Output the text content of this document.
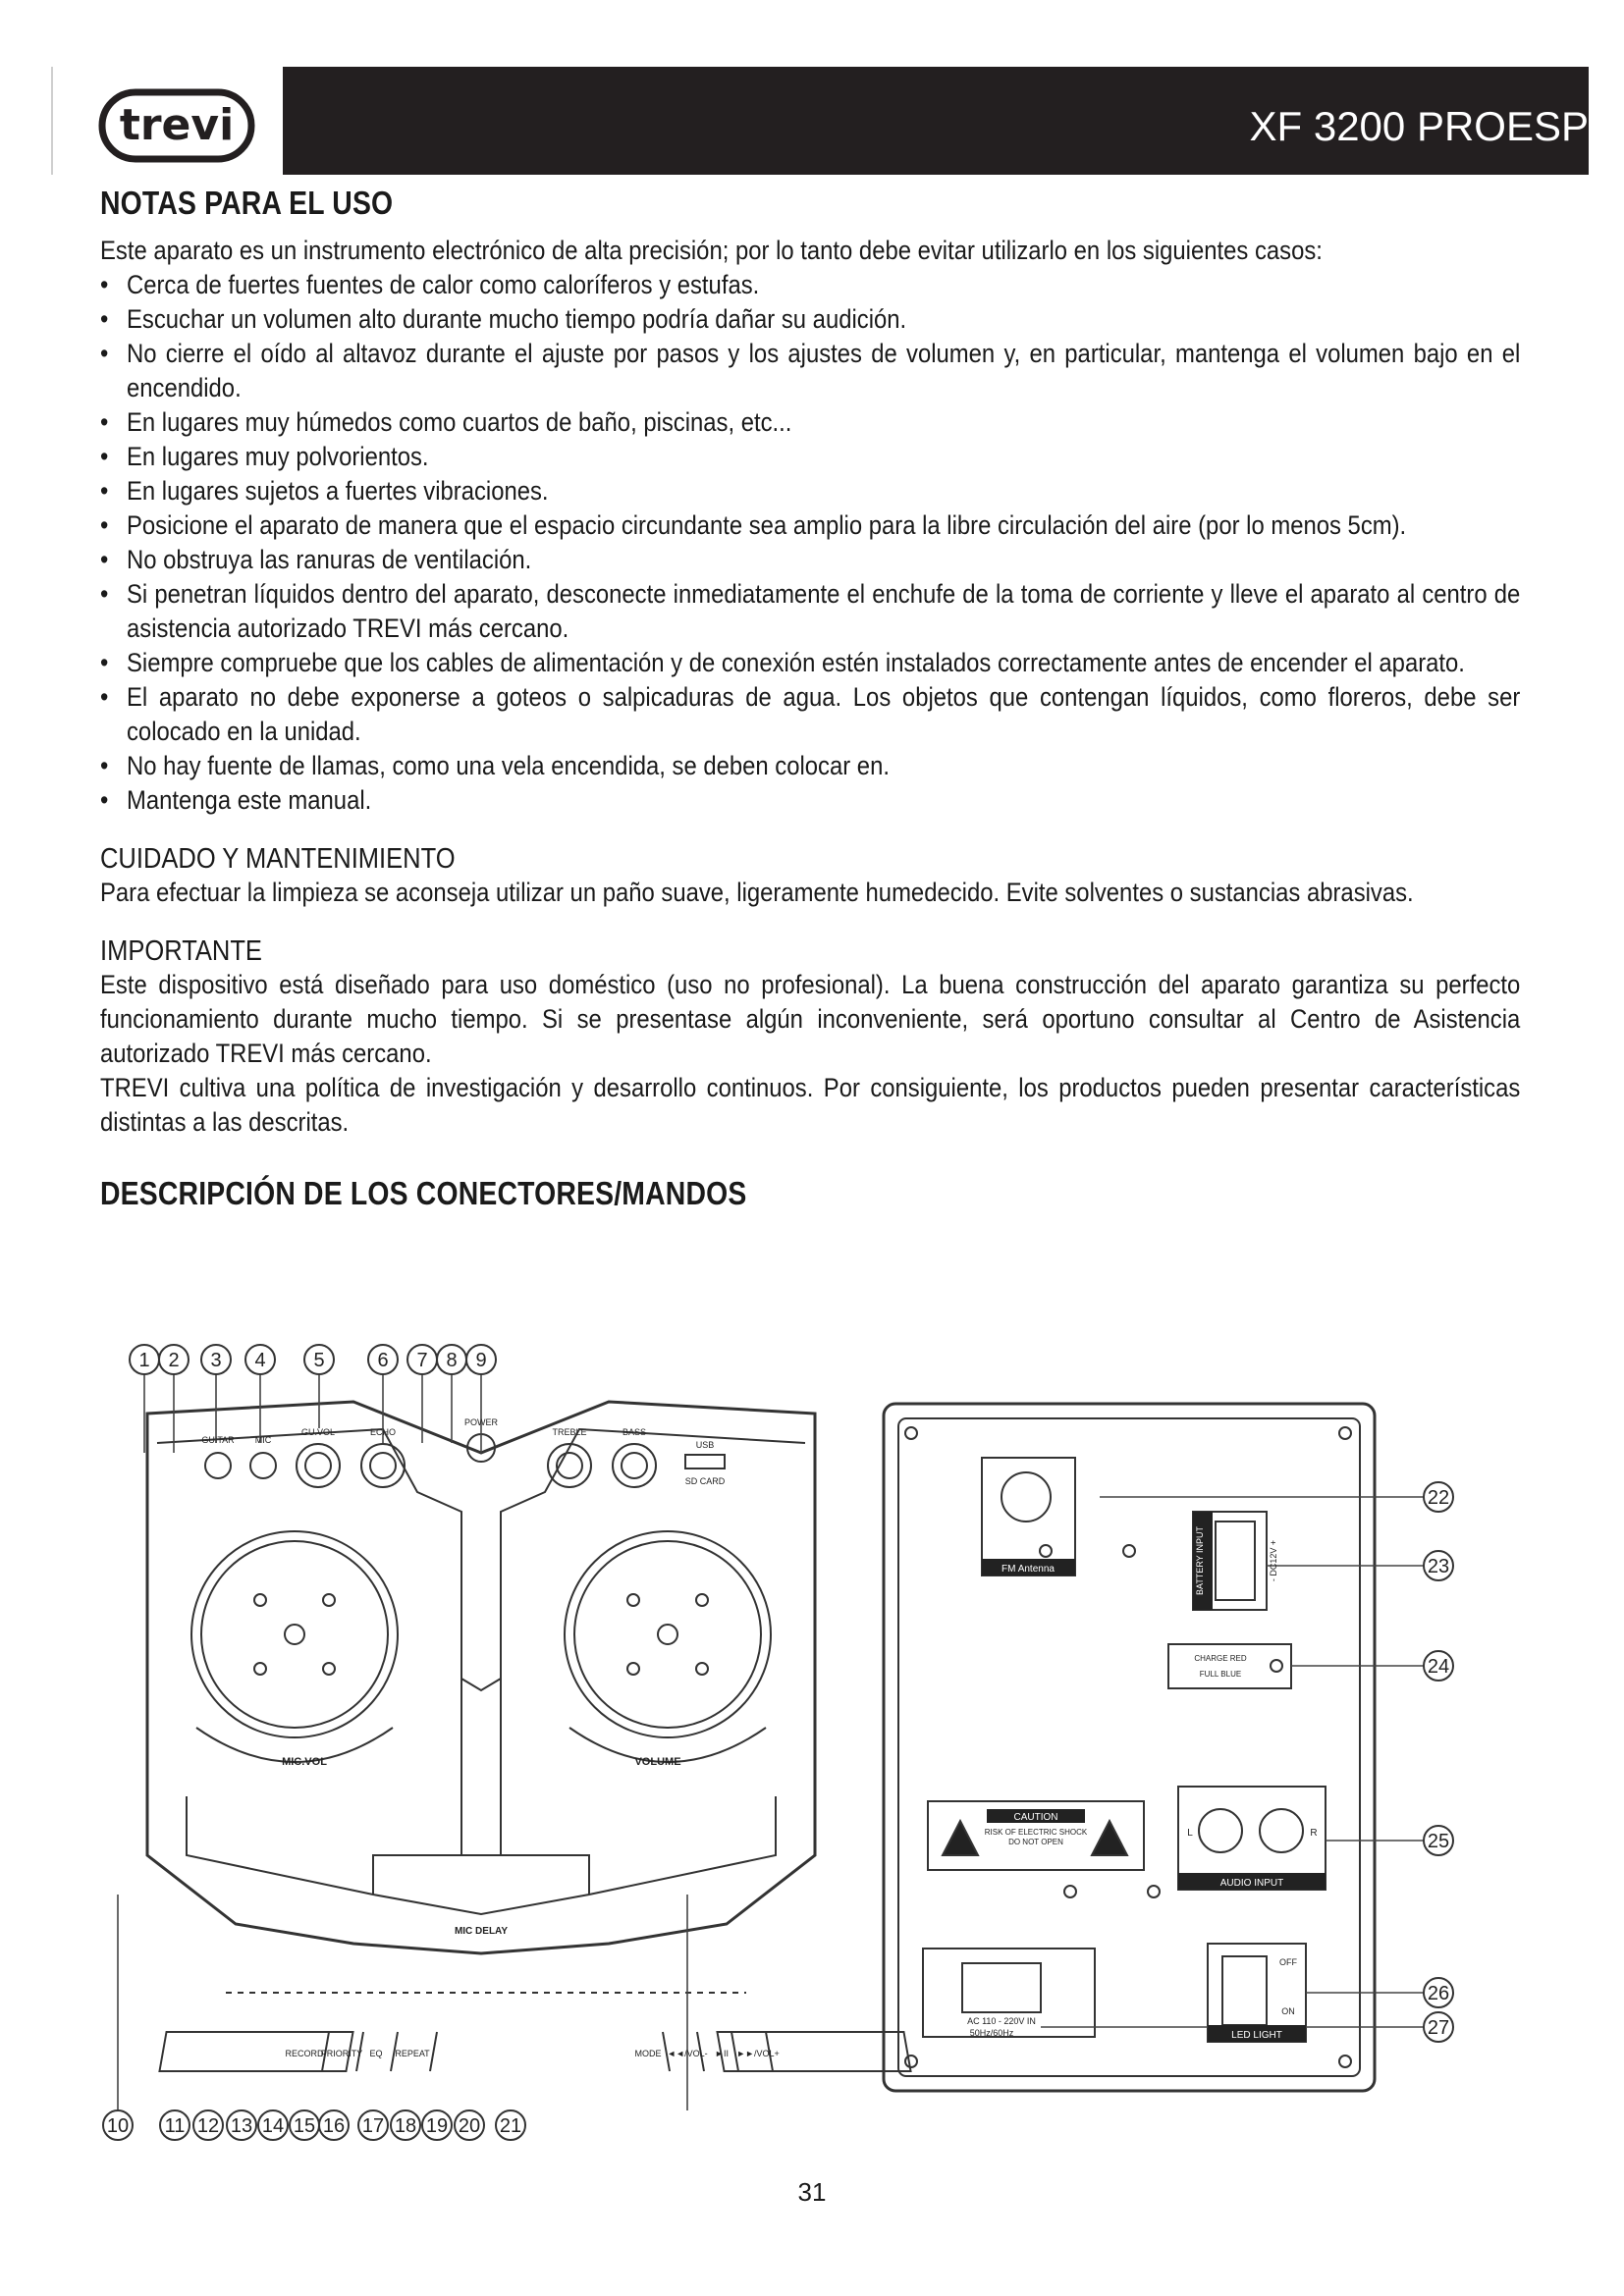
trevi	XF 3200 PROESP
NOTAS PARA EL USO
Este aparato es un instrumento electrónico de alta precisión; por lo tanto debe evitar utilizarlo en los siguientes casos:
• Cerca de fuertes fuentes de calor como caloríferos y estufas.
• Escuchar un volumen alto durante mucho tiempo podría dañar su audición.
• No cierre el oído al altavoz durante el ajuste por pasos y los ajustes de volumen y, en particular, mantenga el volumen bajo en el encendido.
• En lugares muy húmedos como cuartos de baño, piscinas, etc...
• En lugares muy polvorientos.
• En lugares sujetos a fuertes vibraciones.
• Posicione el aparato de manera que el espacio circundante sea amplio para la libre circulación del aire (por lo menos 5cm).
• No obstruya las ranuras de ventilación.
• Si penetran líquidos dentro del aparato, desconecte inmediatamente el enchufe de la toma de corriente y lleve el aparato al centro de asistencia autorizado TREVI más cercano.
• Siempre compruebe que los cables de alimentación y de conexión estén instalados correctamente antes de encender el aparato.
• El aparato no debe exponerse a goteos o salpicaduras de agua. Los objetos que contengan líquidos, como floreros, debe ser colocado en la unidad.
• No hay fuente de llamas, como una vela encendida, se deben colocar en.
• Mantenga este manual.
CUIDADO Y MANTENIMIENTO
Para efectuar la limpieza se aconseja utilizar un paño suave, ligeramente humedecido. Evite solventes o sustancias abrasivas.
IMPORTANTE
Este dispositivo está diseñado para uso doméstico (uso no profesional). La buena construcción del aparato garantiza su perfecto funcionamiento durante mucho tiempo. Si se presentase algún inconveniente, será oportuno consultar al Centro de Asistencia autorizado TREVI más cercano.
TREVI cultiva una política de investigación y desarrollo continuos. Por consiguiente, los productos pueden presentar características distintas a las descritas.
DESCRIPCIÓN DE LOS CONECTORES/MANDOS
GUITAR MIC
GU.VOL	ECHO
POWER
TREBLE	BASS
USB
SD CARD
MIC.VOL	VOLUME
MIC DELAY
RECORD
PRIORITY EQ REPEAT	MODE ◄◄/VOL- ►II ►►/VOL+
FM Antenna	BATTERY INPUT	- DC12V +
CHARGE RED
FULL BLUE
CAUTION
RISK OF ELECTRIC SHOCK
DO NOT OPEN
L	R
AUDIO INPUT
OFF
ON
LED LIGHT
AC 110 - 220V IN
50Hz/60Hz
1 2 3 4 5	6 7 8 9
10 11 12 13 14 15 16 17 18 19 20 21
22
23
24
25
26
27
31
